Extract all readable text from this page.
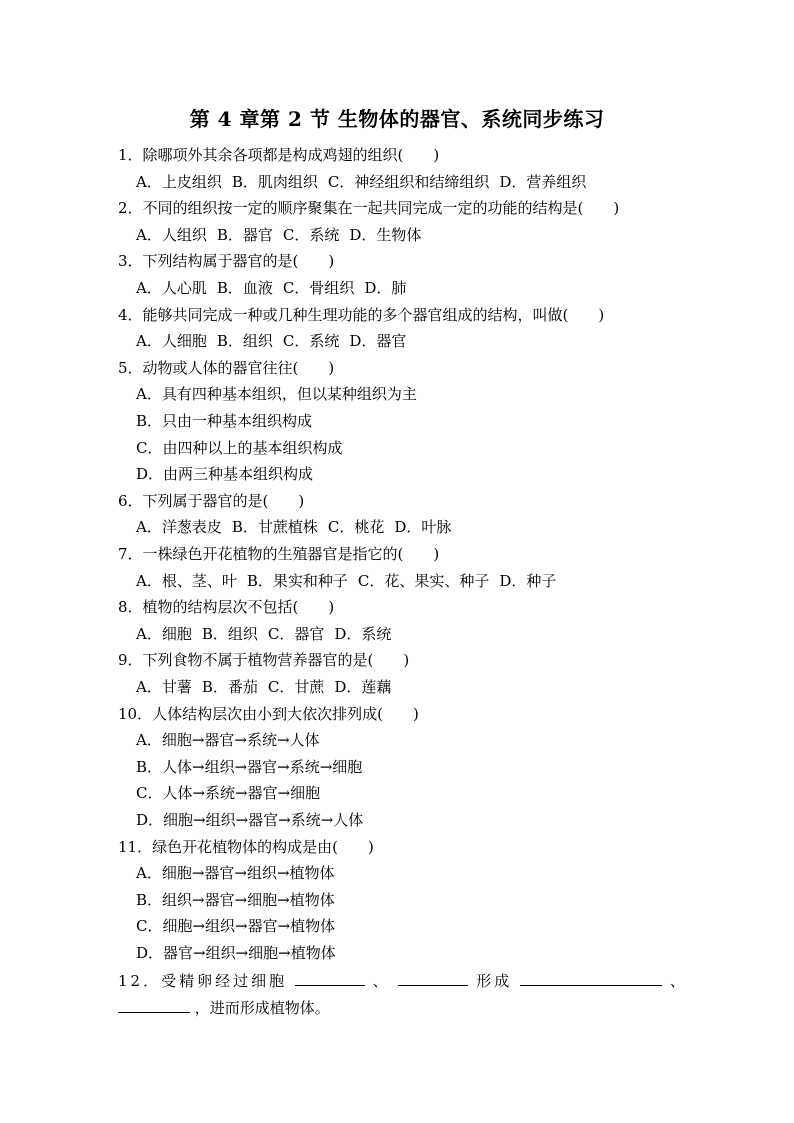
第 4 章第 2 节 生物体的器官、系统同步练习
1．除哪项外其余各项都是构成鸡翅的组织(　　)
A．上皮组织 B．肌肉组织 C．神经组织和结缔组织 D．营养组织
2．不同的组织按一定的顺序聚集在一起共同完成一定的功能的结构是(　　)
A．人组织 B．器官 C．系统 D．生物体
3．下列结构属于器官的是(　　)
A．人心肌 B．血液 C．骨组织 D．肺
4．能够共同完成一种或几种生理功能的多个器官组成的结构，叫做(　　)
A．人细胞 B．组织 C．系统 D．器官
5．动物或人体的器官往往(　　)
A．具有四种基本组织，但以某种组织为主
B．只由一种基本组织构成
C．由四种以上的基本组织构成
D．由两三种基本组织构成
6．下列属于器官的是(　　)
A．洋葱表皮 B．甘蔗植株 C．桃花 D．叶脉
7．一株绿色开花植物的生殖器官是指它的(　　)
A．根、茎、叶 B．果实和种子 C．花、果实、种子 D．种子
8．植物的结构层次不包括(　　)
A．细胞 B．组织 C．器官 D．系统
9．下列食物不属于植物营养器官的是(　　)
A．甘薯 B．番茄 C．甘蔗 D．莲藕
10．人体结构层次由小到大依次排列成(　　)
A．细胞→器官→系统→人体
B．人体→组织→器官→系统→细胞
C．人体→系统→器官→细胞
D．细胞→组织→器官→系统→人体
11．绿色开花植物体的构成是由(　　)
A．细胞→器官→组织→植物体
B．组织→器官→细胞→植物体
C．细胞→组织→器官→植物体
D．器官→组织→细胞→植物体
12．受精卵经过细胞	、	形成	、
，进而形成植物体。
